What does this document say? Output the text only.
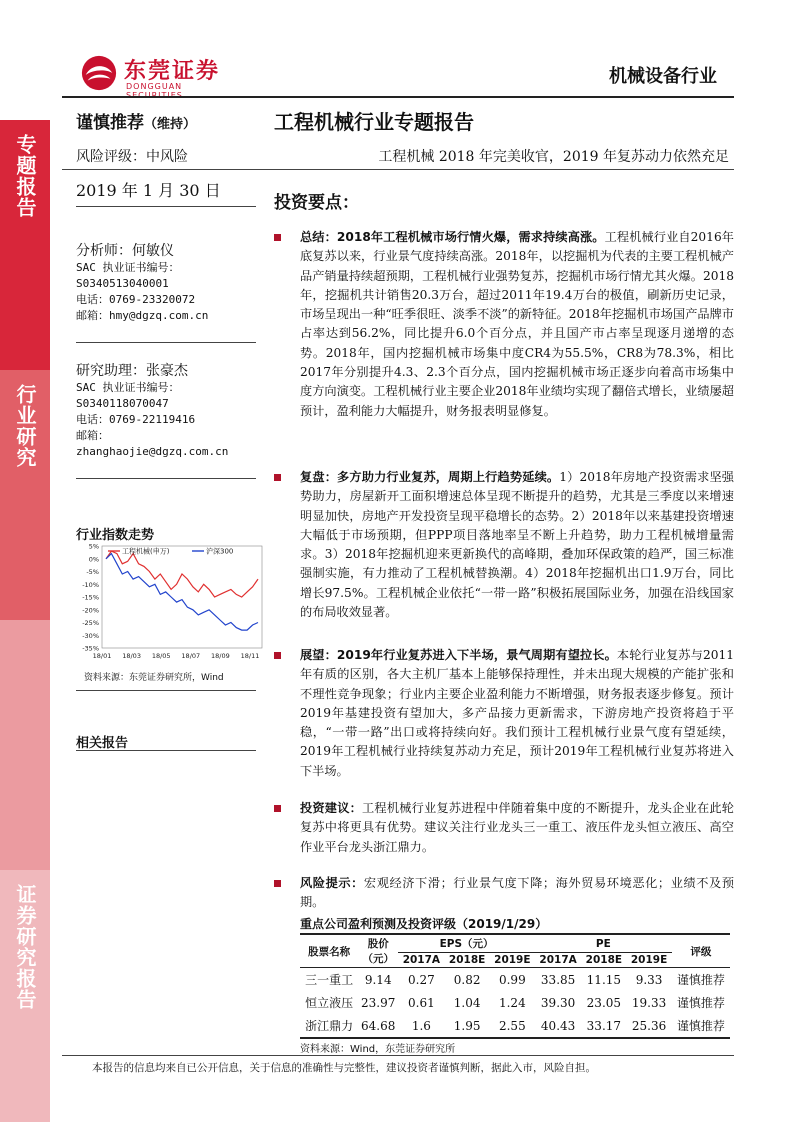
专题报告
行业研究
证券研究报告
东莞证券
DONGGUAN SECURITIES
机械设备行业
谨慎推荐（维持）	工程机械行业专题报告
风险评级：中风险	工程机械 2018 年完美收官，2019 年复苏动力依然充足
2019 年 1 月 30 日
分析师：何敏仪
SAC 执业证书编号：
S0340513040001
电话：0769-23320072
邮箱：hmy@dgzq.com.cn
研究助理：张豪杰
SAC 执业证书编号：
S0340118070047
电话：0769-22119416
邮箱：
zhanghaojie@dgzq.com.cn
行业指数走势
5%
0%
-5%
-10%
-15%
-20%
-25%
-30%
-35%
18/01 18/03 18/05 18/07 18/09 18/11
工程机械(申万)	沪深300
资料来源：东莞证券研究所，Wind
相关报告
投资要点：
总结：2018年工程机械市场行情火爆，需求持续高涨。工程机械行业自2016年底复苏以来，行业景气度持续高涨。2018年，以挖掘机为代表的主要工程机械产品产销量持续超预期，工程机械行业强势复苏，挖掘机市场行情尤其火爆。2018年，挖掘机共计销售20.3万台，超过2011年19.4万台的极值，刷新历史记录，市场呈现出一种“旺季很旺、淡季不淡”的新特征。2018年挖掘机市场国产品牌市占率达到56.2%，同比提升6.0个百分点，并且国产市占率呈现逐月递增的态势。2018年，国内挖掘机械市场集中度CR4为55.5%，CR8为78.3%，相比2017年分别提升4.3、2.3个百分点，国内挖掘机械市场正逐步向着高市场集中度方向演变。工程机械行业主要企业2018年业绩均实现了翻倍式增长，业绩屡超预计，盈利能力大幅提升，财务报表明显修复。
复盘：多方助力行业复苏，周期上行趋势延续。1）2018年房地产投资需求坚强势助力，房屋新开工面积增速总体呈现不断提升的趋势，尤其是三季度以来增速明显加快，房地产开发投资呈现平稳增长的态势。2）2018年以来基建投资增速大幅低于市场预期，但PPP项目落地率呈不断上升趋势，助力工程机械增量需求。3）2018年挖掘机迎来更新换代的高峰期，叠加环保政策的趋严，国三标准强制实施，有力推动了工程机械替换潮。4）2018年挖掘机出口1.9万台，同比增长97.5%。工程机械企业依托“一带一路”积极拓展国际业务，加强在沿线国家的布局收效显著。
展望：2019年行业复苏进入下半场，景气周期有望拉长。本轮行业复苏与2011年有质的区别，各大主机厂基本上能够保持理性，并未出现大规模的产能扩张和不理性竞争现象；行业内主要企业盈利能力不断增强，财务报表逐步修复。预计2019年基建投资有望加大，多产品接力更新需求，下游房地产投资将趋于平稳，“一带一路”出口或将持续向好。我们预计工程机械行业景气度有望延续，2019年工程机械行业持续复苏动力充足，预计2019年工程机械行业复苏将进入下半场。
投资建议：工程机械行业复苏进程中伴随着集中度的不断提升，龙头企业在此轮复苏中将更具有优势。建议关注行业龙头三一重工、液压件龙头恒立液压、高空作业平台龙头浙江鼎力。
风险提示：宏观经济下滑；行业景气度下降；海外贸易环境恶化；业绩不及预期。
重点公司盈利预测及投资评级（2019/1/29）
股票名称	股价（元）	EPS（元）			PE			评级
		2017A	2018E	2019E	2017A	2018E	2019E	
三一重工	9.14	0.27	0.82	0.99	33.85	11.15	9.33	谨慎推荐
恒立液压	23.97	0.61	1.04	1.24	39.30	23.05	19.33	谨慎推荐
浙江鼎力	64.68	1.6	1.95	2.55	40.43	33.17	25.36	谨慎推荐
资料来源：Wind，东莞证券研究所
本报告的信息均来自已公开信息，关于信息的准确性与完整性，建议投资者谨慎判断，据此入市，风险自担。
